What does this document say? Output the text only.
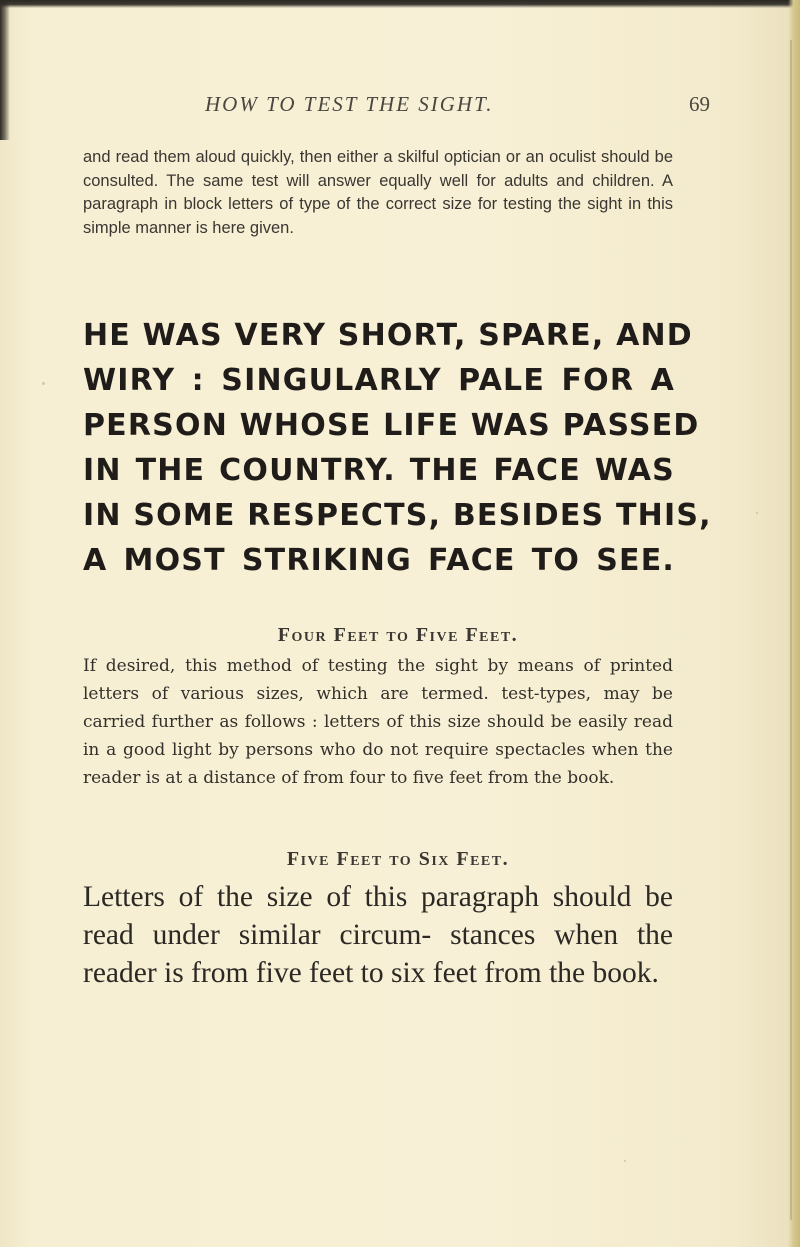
HOW TO TEST THE SIGHT.	69

and read them aloud quickly, then either a skilful optician or an oculist should be consulted. The same test will answer equally well for adults and children. A paragraph in block letters of type of the correct size for testing the sight in this simple manner is here given.

HE WAS VERY SHORT, SPARE, AND
WIRY : SINGULARLY PALE FOR A
PERSON WHOSE LIFE WAS PASSED
IN THE COUNTRY. THE FACE WAS
IN SOME RESPECTS, BESIDES THIS,
A MOST STRIKING FACE TO SEE.
Four Feet to Five Feet.

If desired, this method of testing the sight by means of printed letters of various sizes, which are termed. test-types, may be carried further as follows : letters of this size should be easily read in a good light by persons who do not require spectacles when the reader is at a distance of from four to five feet from the book.

Five Feet to Six Feet.

Letters of the size of this paragraph should be read under similar circum- stances when the reader is from five feet to six feet from the book.
